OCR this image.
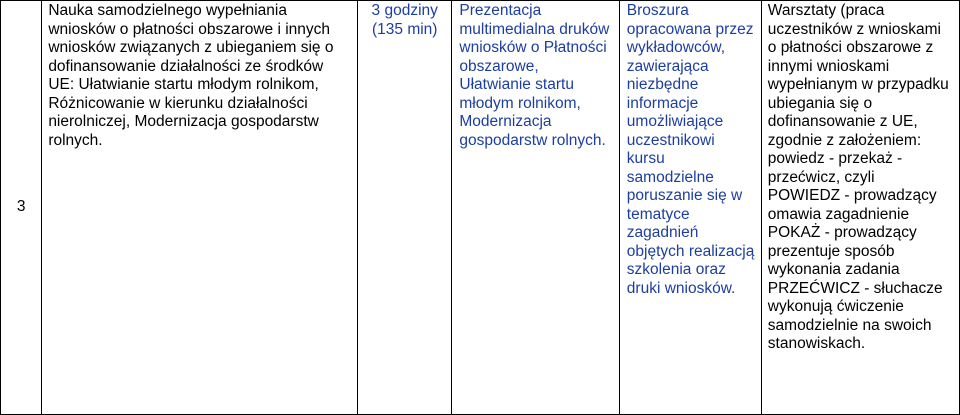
3	
Nauka samodzielnego wypełniania wniosków o płatności obszarowe i innych wniosków związanych z ubieganiem się o dofinansowanie działalności ze środków UE: Ułatwianie startu młodym rolnikom, Różnicowanie w kierunku działalności nierolniczej, Modernizacja gospodarstw rolnych.

3 godziny (135 min)

Prezentacja multimedialna druków wniosków o Płatności obszarowe, Ułatwianie startu młodym rolnikom, Modernizacja gospodarstw rolnych.

Broszura opracowana przez wykładowców, zawierająca niezbędne informacje umożliwiające uczestnikowi kursu samodzielne poruszanie się w tematyce zagadnień objętych realizacją szkolenia oraz druki wniosków.

Warsztaty (praca uczestników z wnioskami o płatności obszarowe z innymi wnioskami wypełnianym w przypadku ubiegania się o dofinansowanie z UE, zgodnie z założeniem: powiedz - przekaż - przećwicz, czyli POWIEDZ - prowadzący omawia zagadnienie POKAŻ - prowadzący prezentuje sposób wykonania zadania PRZEĆWICZ - słuchacze wykonują ćwiczenie samodzielnie na swoich stanowiskach.
